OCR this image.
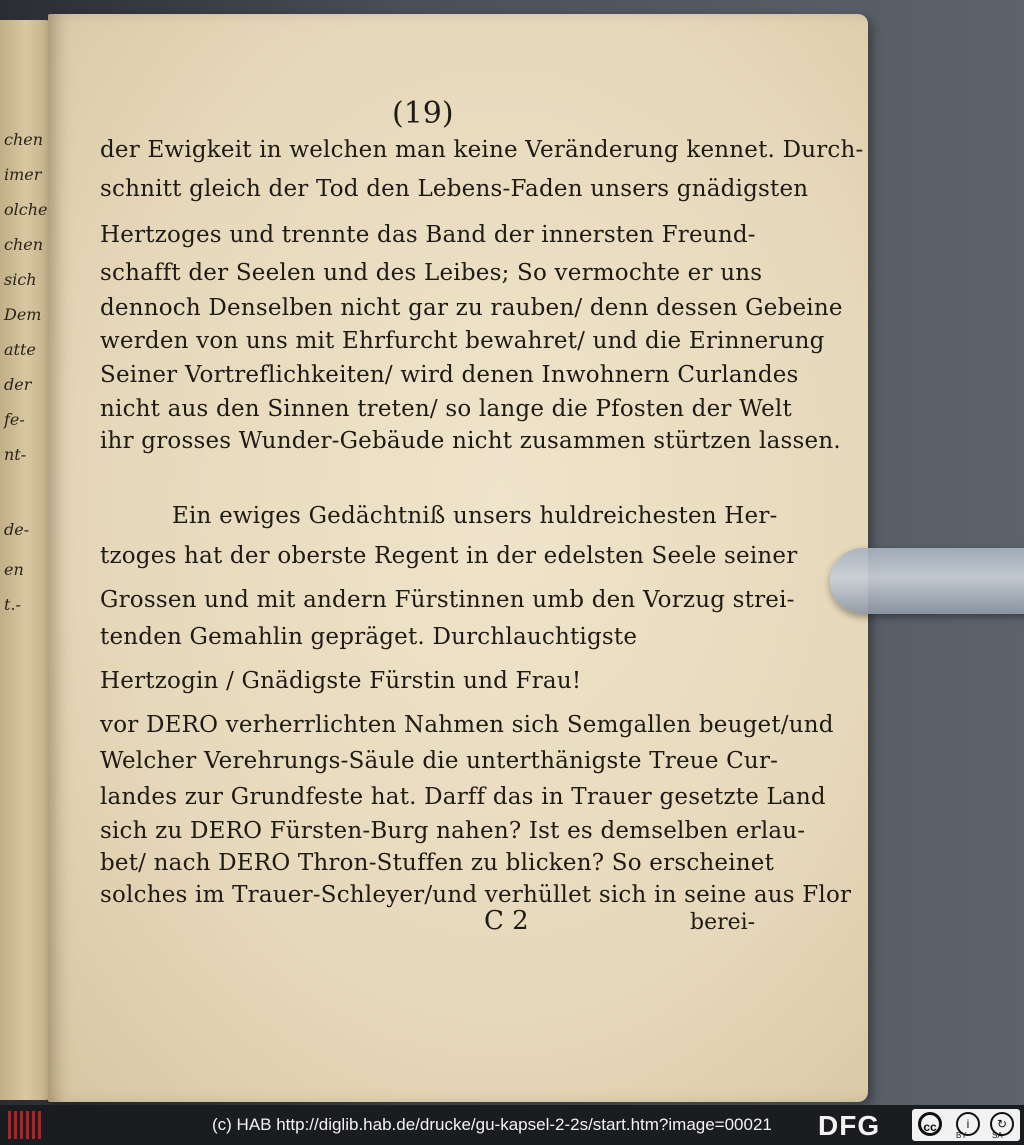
chen
imer
olche
chen
sich
Dem
atte
der
fe-
nt-
de-
en
t.-
(19)
der Ewigkeit in welchen man keine Veränderung kennet. Durch-
schnitt gleich der Tod den Lebens-Faden unsers gnädigsten
Hertzoges und trennte das Band der innersten Freund-
schafft der Seelen und des Leibes; So vermochte er uns
dennoch Denselben nicht gar zu rauben/ denn dessen Gebeine
werden von uns mit Ehrfurcht bewahret/ und die Erinnerung
Seiner Vortreflichkeiten/ wird denen Inwohnern Curlandes
nicht aus den Sinnen treten/ so lange die Pfosten der Welt
ihr grosses Wunder-Gebäude nicht zusammen stürtzen lassen.
Ein ewiges Gedächtniß unsers huldreichesten Her-
tzoges hat der oberste Regent in der edelsten Seele seiner
Grossen und mit andern Fürstinnen umb den Vorzug strei-
tenden Gemahlin gepräget. Durchlauchtigste
Hertzogin / Gnädigste Fürstin und Frau!
vor DERO verherrlichten Nahmen sich Semgallen beuget/und
Welcher Verehrungs-Säule die unterthänigste Treue Cur-
landes zur Grundfeste hat. Darff das in Trauer gesetzte Land
sich zu DERO Fürsten-Burg nahen? Ist es demselben erlau-
bet/ nach DERO Thron-Stuffen zu blicken? So erscheinet
solches im Trauer-Schleyer/und verhüllet sich in seine aus Flor
C 2	berei-
(c) HAB http://diglib.hab.de/drucke/gu-kapsel-2-2s/start.htm?image=00021 DFG	cc	i	↻
BY	SA
